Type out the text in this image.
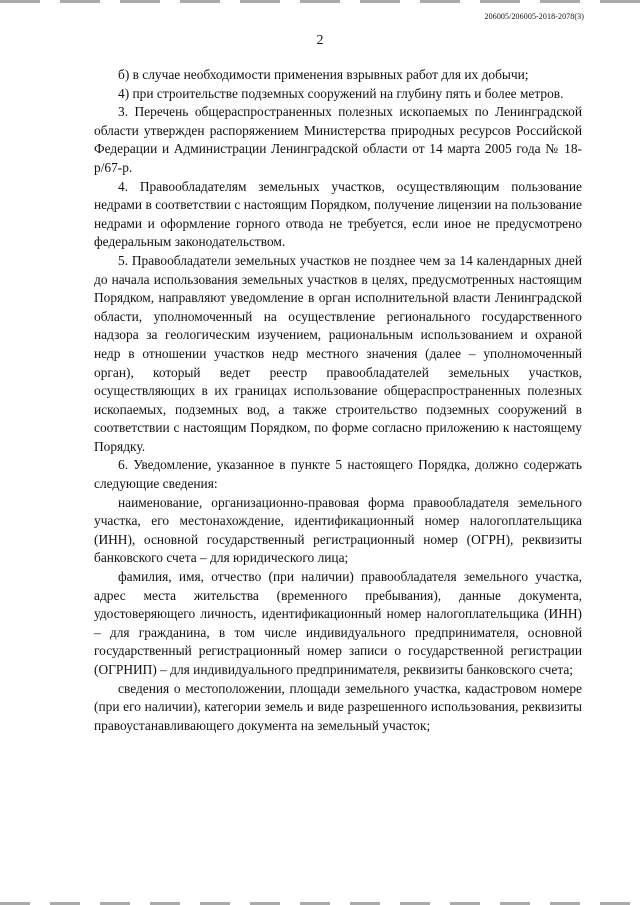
206005/206005-2018-2078(3)
2

б) в случае необходимости применения взрывных работ для их добычи;

4) при строительстве подземных сооружений на глубину пять и более метров.

3. Перечень общераспространенных полезных ископаемых по Ленинградской области утвержден распоряжением Министерства природных ресурсов Российской Федерации и Администрации Ленинградской области от 14 марта 2005 года № 18-р/67-р.

4. Правообладателям земельных участков, осуществляющим пользование недрами в соответствии с настоящим Порядком, получение лицензии на пользование недрами и оформление горного отвода не требуется, если иное не предусмотрено федеральным законодательством.

5. Правообладатели земельных участков не позднее чем за 14 календарных дней до начала использования земельных участков в целях, предусмотренных настоящим Порядком, направляют уведомление в орган исполнительной власти Ленинградской области, уполномоченный на осуществление регионального государственного надзора за геологическим изучением, рациональным использованием и охраной недр в отношении участков недр местного значения (далее – уполномоченный орган), который ведет реестр правообладателей земельных участков, осуществляющих в их границах использование общераспространенных полезных ископаемых, подземных вод, а также строительство подземных сооружений в соответствии с настоящим Порядком, по форме согласно приложению к настоящему Порядку.

6. Уведомление, указанное в пункте 5 настоящего Порядка, должно содержать следующие сведения:

наименование, организационно-правовая форма правообладателя земельного участка, его местонахождение, идентификационный номер налогоплательщика (ИНН), основной государственный регистрационный номер (ОГРН), реквизиты банковского счета – для юридического лица;

фамилия, имя, отчество (при наличии) правообладателя земельного участка, адрес места жительства (временного пребывания), данные документа, удостоверяющего личность, идентификационный номер налогоплательщика (ИНН) – для гражданина, в том числе индивидуального предпринимателя, основной государственный регистрационный номер записи о государственной регистрации (ОГРНИП) – для индивидуального предпринимателя, реквизиты банковского счета;

сведения о местоположении, площади земельного участка, кадастровом номере (при его наличии), категории земель и виде разрешенного использования, реквизиты правоустанавливающего документа на земельный участок;
